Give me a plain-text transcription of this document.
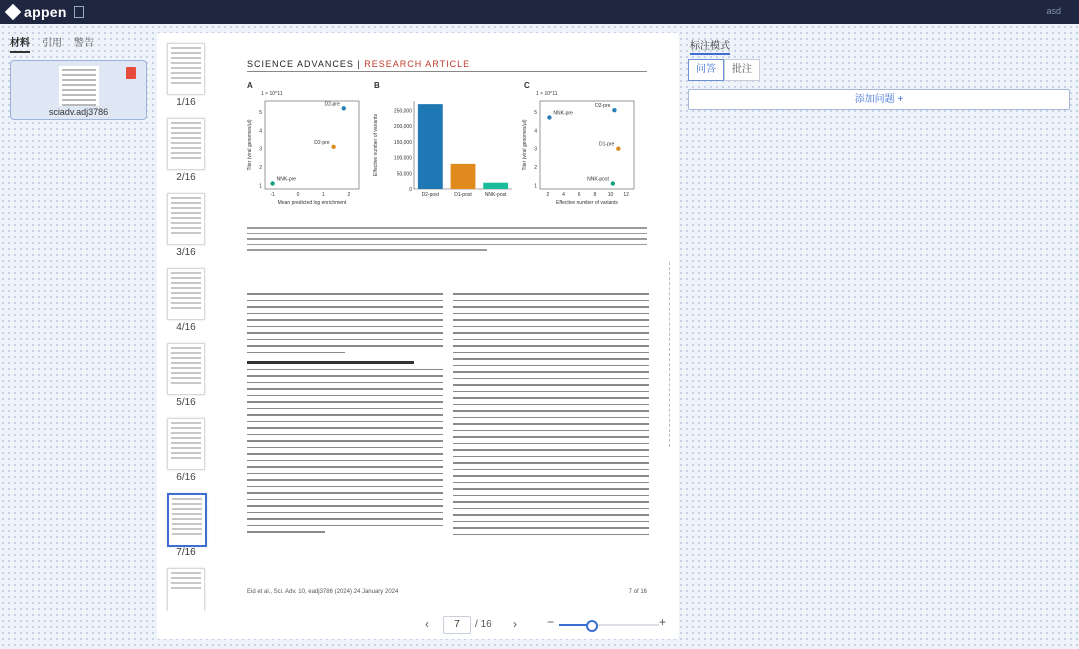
appen	asd
材料 引用 警告
sciadv.adj3786
1/16
2/16
3/16
4/16
5/16
6/16
7/16
SCIENCE ADVANCES | RESEARCH ARTICLE
A	B	C
1 × 10^11
1
2
3
4
5
-1	0	1	2
Mean predicted log enrichment
Titer (viral genomes/μl)
D2-pre
D2-pre
NNK-pre
0
50,000
100,000
150,000
200,000
250,000
Effective number of variants
D2-post	D1-post	NNK-post
1 × 10^11
1
2
3
4
5
2	4	6	8 10 12
Effective number of variants
Titer (viral genomes/μl)
NNK-pre
D2-pre
D1-pre
NNK-post
Eid et al., Sci. Adv. 10, eadj3786 (2024) 24 January 2024	7 of 16
‹	7	/ 16 ›	−	+
标注模式
问答	批注
添加问题 +
